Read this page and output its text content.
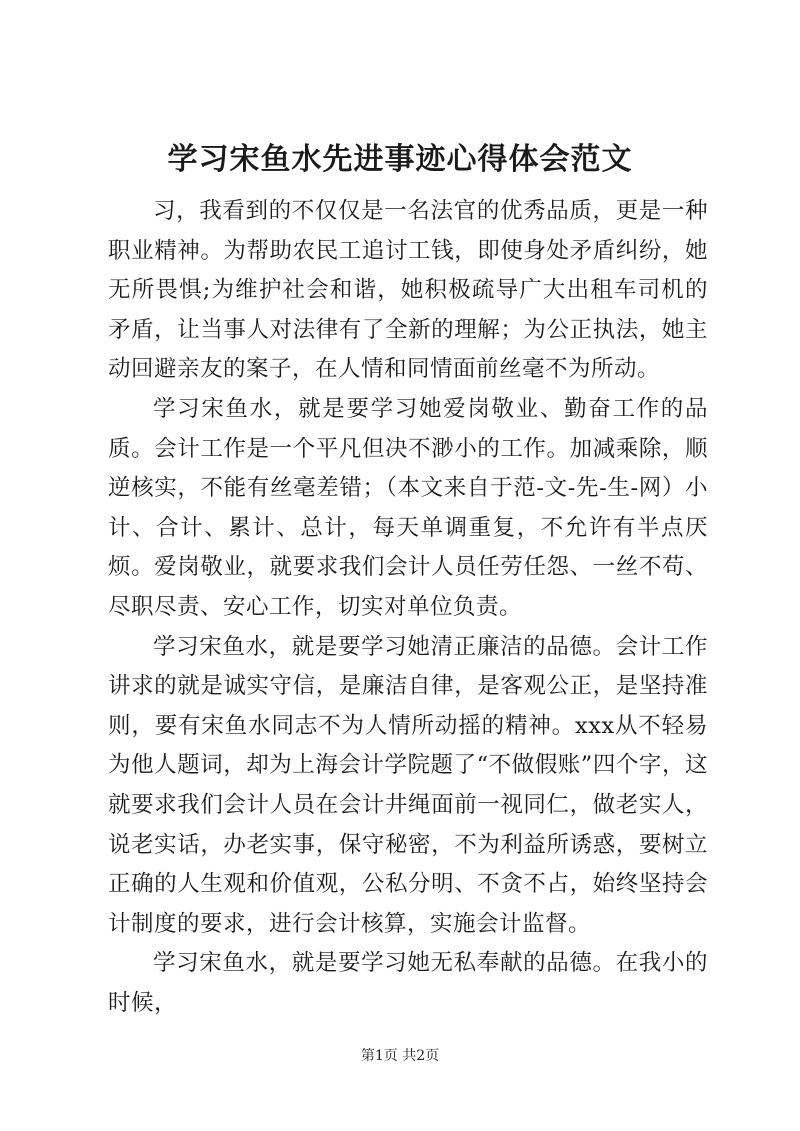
学习宋鱼水先进事迹心得体会范文

习，我看到的不仅仅是一名法官的优秀品质，更是一种职业精神。为帮助农民工追讨工钱，即使身处矛盾纠纷，她无所畏惧;为维护社会和谐，她积极疏导广大出租车司机的矛盾，让当事人对法律有了全新的理解；为公正执法，她主动回避亲友的案子，在人情和同情面前丝毫不为所动。

学习宋鱼水，就是要学习她爱岗敬业、勤奋工作的品质。会计工作是一个平凡但决不渺小的工作。加减乘除，顺逆核实，不能有丝毫差错；（本文来自于范-文-先-生-网）小计、合计、累计、总计，每天单调重复，不允许有半点厌烦。爱岗敬业，就要求我们会计人员任劳任怨、一丝不苟、尽职尽责、安心工作，切实对单位负责。

学习宋鱼水，就是要学习她清正廉洁的品德。会计工作讲求的就是诚实守信，是廉洁自律，是客观公正，是坚持准则，要有宋鱼水同志不为人情所动摇的精神。xxx从不轻易为他人题词，却为上海会计学院题了“不做假账”四个字，这就要求我们会计人员在会计井绳面前一视同仁，做老实人，说老实话，办老实事，保守秘密，不为利益所诱惑，要树立正确的人生观和价值观，公私分明、不贪不占，始终坚持会计制度的要求，进行会计核算，实施会计监督。

学习宋鱼水，就是要学习她无私奉献的品德。在我小的时候，

第1页 共2页
